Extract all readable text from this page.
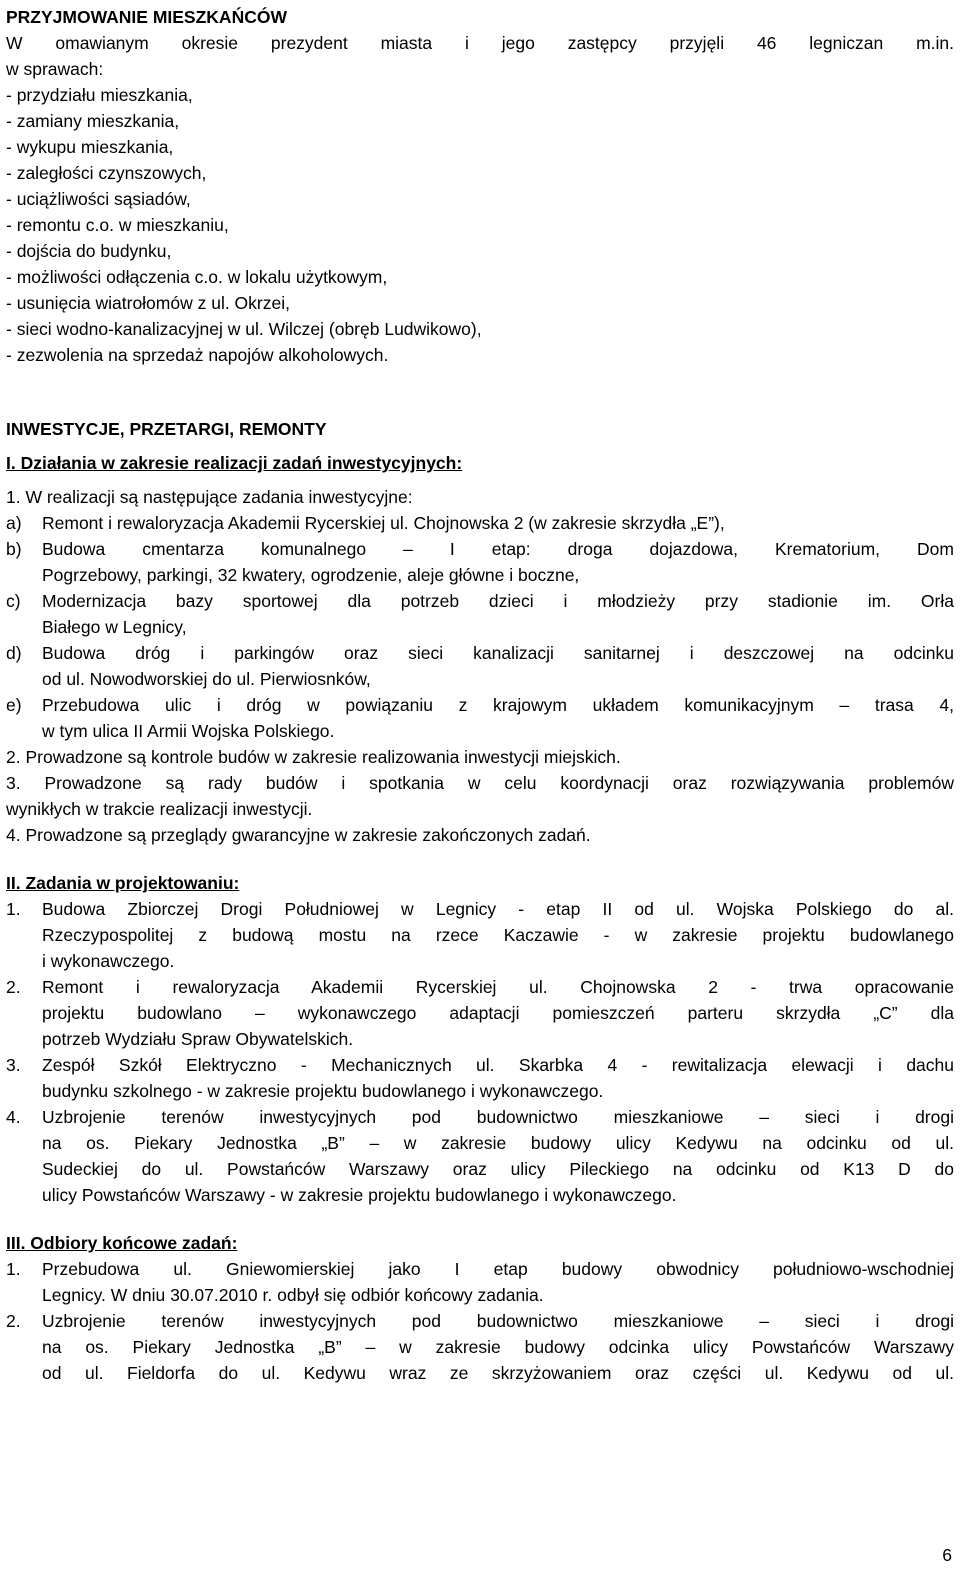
PRZYJMOWANIE MIESZKAŃCÓW
W omawianym okresie prezydent miasta i jego zastępcy przyjęli 46 legniczan m.in.
w sprawach:
- przydziału mieszkania,
- zamiany mieszkania,
- wykupu mieszkania,
- zaległości czynszowych,
- uciążliwości sąsiadów,
- remontu c.o. w mieszkaniu,
- dojścia do budynku,
- możliwości odłączenia c.o. w lokalu użytkowym,
- usunięcia wiatrołomów z ul. Okrzei,
- sieci wodno-kanalizacyjnej w ul. Wilczej (obręb Ludwikowo),
- zezwolenia na sprzedaż napojów alkoholowych.
INWESTYCJE, PRZETARGI, REMONTY
I. Działania w zakresie realizacji zadań inwestycyjnych:
1. W realizacji są następujące zadania inwestycyjne:
a)	Remont i rewaloryzacja Akademii Rycerskiej ul. Chojnowska 2 (w zakresie skrzydła „E”),
b)	Budowa cmentarza komunalnego – I etap: droga dojazdowa, Krematorium, Dom
Pogrzebowy, parkingi, 32 kwatery, ogrodzenie, aleje główne i boczne,
c)	Modernizacja bazy sportowej dla potrzeb dzieci i młodzieży przy stadionie im. Orła
Białego w Legnicy,
d)	Budowa dróg i parkingów oraz sieci kanalizacji sanitarnej i deszczowej na odcinku
od ul. Nowodworskiej do ul. Pierwiosnków,
e)	Przebudowa ulic i dróg w powiązaniu z krajowym układem komunikacyjnym – trasa 4,
w tym ulica II Armii Wojska Polskiego.
2. Prowadzone są kontrole budów w zakresie realizowania inwestycji miejskich.
3. Prowadzone są rady budów i spotkania w celu koordynacji oraz rozwiązywania problemów
wynikłych w trakcie realizacji inwestycji.
4. Prowadzone są przeglądy gwarancyjne w zakresie zakończonych zadań.
II. Zadania w projektowaniu:
1.	Budowa Zbiorczej Drogi Południowej w Legnicy - etap II od ul. Wojska Polskiego do al.
Rzeczypospolitej z budową mostu na rzece Kaczawie - w zakresie projektu budowlanego
i wykonawczego.
2.	Remont i rewaloryzacja Akademii Rycerskiej ul. Chojnowska 2 - trwa opracowanie
projektu budowlano – wykonawczego adaptacji pomieszczeń parteru skrzydła „C” dla
potrzeb Wydziału Spraw Obywatelskich.
3.	Zespół Szkół Elektryczno - Mechanicznych ul. Skarbka 4 - rewitalizacja elewacji i dachu
budynku szkolnego - w zakresie projektu budowlanego i wykonawczego.
4.	Uzbrojenie terenów inwestycyjnych pod budownictwo mieszkaniowe – sieci i drogi
na os. Piekary Jednostka „B” – w zakresie budowy ulicy Kedywu na odcinku od ul.
Sudeckiej do ul. Powstańców Warszawy oraz ulicy Pileckiego na odcinku od K13 D do
ulicy Powstańców Warszawy - w zakresie projektu budowlanego i wykonawczego.
III. Odbiory końcowe zadań:
1.	Przebudowa ul. Gniewomierskiej jako I etap budowy obwodnicy południowo-wschodniej
Legnicy. W dniu 30.07.2010 r. odbył się odbiór końcowy zadania.
2.	Uzbrojenie terenów inwestycyjnych pod budownictwo mieszkaniowe – sieci i drogi
na os. Piekary Jednostka „B” – w zakresie budowy odcinka ulicy Powstańców Warszawy
od ul. Fieldorfa do ul. Kedywu wraz ze skrzyżowaniem oraz części ul. Kedywu od ul.
6
